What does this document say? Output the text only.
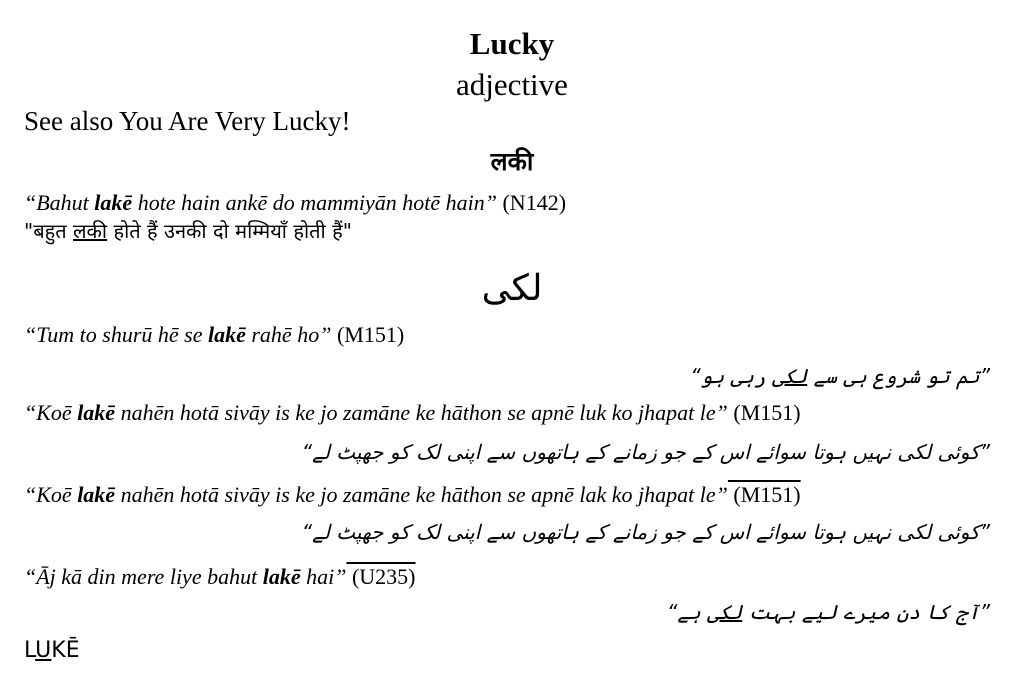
Lucky
adjective
See also You Are Very Lucky!
लकी
“Bahut lakē hote hain ankē do mammiyān hotē hain” (N142)
"बहुत लकी होते हैं उनकी दो मम्मियाँ होती हैं"
لکی
“Tum to shurū hē se lakē rahē ho” (M151)
”تم تو شروع ہی سے لکی رہی ہو“
“Koē lakē nahēn hotā sivāy is ke jo zamāne ke hāthon se apnē luk ko jhapat le” (M151)
”کوئی لکی نہیں ہوتا سوائے اس کے جو زمانے کے ہاتھوں سے اپنی لک کو جھپٹ لے“
“Koē lakē nahēn hotā sivāy is ke jo zamāne ke hāthon se apnē lak ko jhapat le” (M151)
”کوئی لکی نہیں ہوتا سوائے اس کے جو زمانے کے ہاتھوں سے اپنی لک کو جھپٹ لے“
“Āj kā din mere liye bahut lakē hai” (U235)
”آج کا دن میرے لیے بہت لکی ہے“
LUKĒ
